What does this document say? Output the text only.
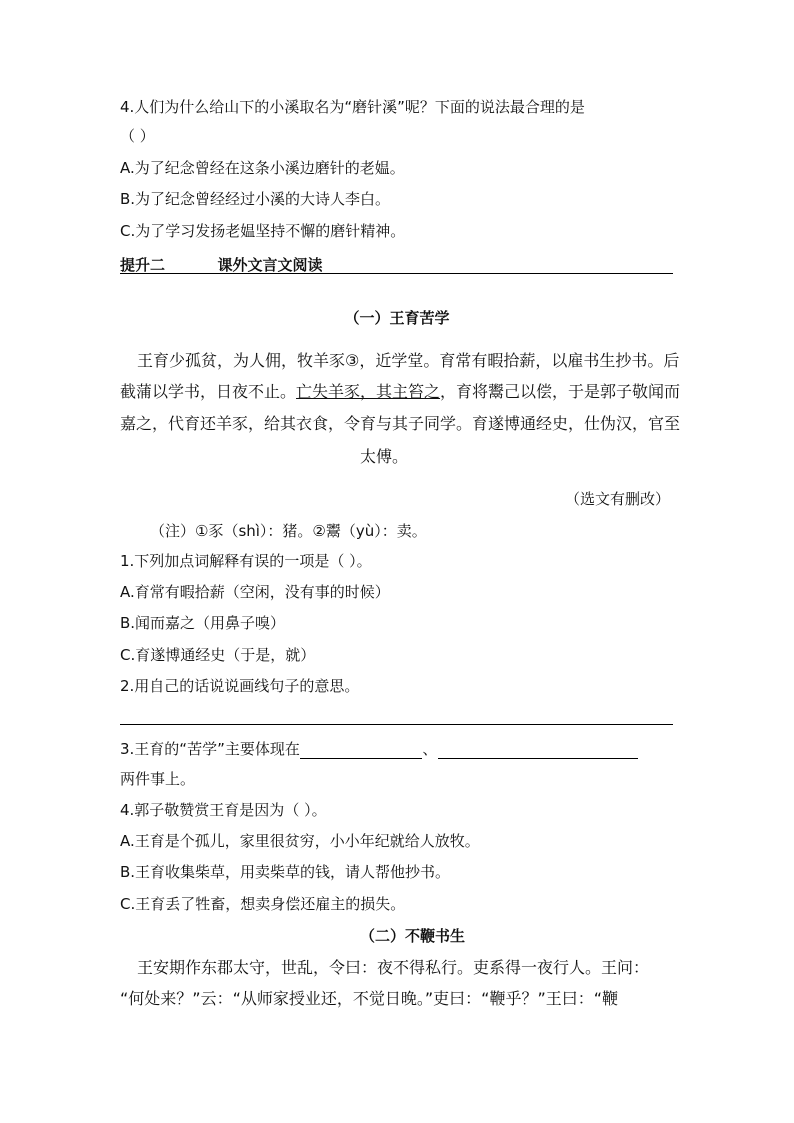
4.人们为什么给山下的小溪取名为“磨针溪”呢？下面的说法最合理的是
（ ）
A.为了纪念曾经在这条小溪边磨针的老媪。
B.为了纪念曾经经过小溪的大诗人李白。
C.为了学习发扬老媪坚持不懈的磨针精神。
提升二	课外文言文阅读
（一）王育苦学
王育少孤贫，为人佣，牧羊豕③，近学堂。育常有暇拾薪，以雇书生抄书。后
截蒲以学书，日夜不止。亡失羊豕，其主笞之，育将鬻己以偿，于是郭子敬闻而
嘉之，代育还羊豕，给其衣食，令育与其子同学。育遂博通经史，仕伪汉，官至
太傅。
（选文有删改）
（注）①豕（shì）：猪。②鬻（yù）：卖。
1.下列加点词解释有误的一项是（ ）。
A.育常有暇拾薪（空闲，没有事的时候）
B.闻而嘉之（用鼻子嗅）
C.育遂博通经史（于是，就）
2.用自己的话说说画线句子的意思。
3.王育的“苦学”主要体现在	、
两件事上。
4.郭子敬赞赏王育是因为（ ）。
A.王育是个孤儿，家里很贫穷，小小年纪就给人放牧。
B.王育收集柴草，用卖柴草的钱，请人帮他抄书。
C.王育丢了牲畜，想卖身偿还雇主的损失。
（二）不鞭书生
王安期作东郡太守，世乱，令曰：夜不得私行。吏系得一夜行人。王问：
“何处来？”云：“从师家授业还，不觉日晚。”吏曰：“鞭乎？”王曰：“鞭
